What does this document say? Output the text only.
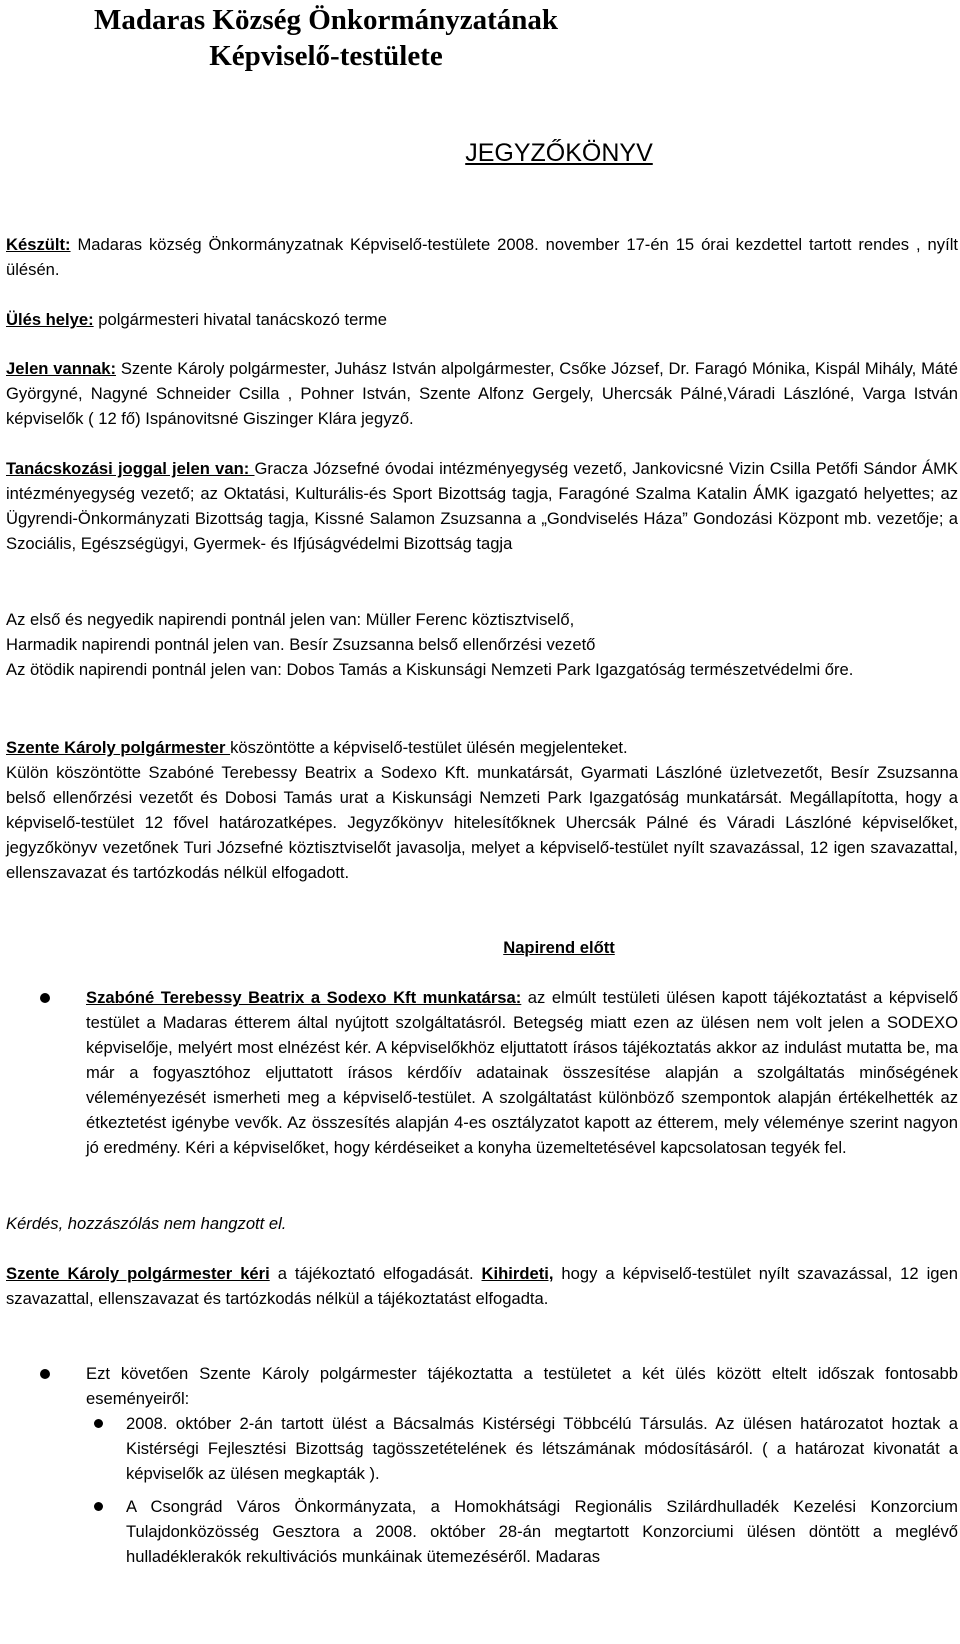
Madaras Község Önkormányzatának
Képviselő-testülete
JEGYZŐKÖNYV
Készült: Madaras község Önkormányzatnak Képviselő-testülete 2008. november 17-én 15 órai kezdettel tartott rendes , nyílt ülésén.
Ülés helye: polgármesteri hivatal tanácskozó terme
Jelen vannak: Szente Károly polgármester, Juhász István alpolgármester, Csőke József, Dr. Faragó Mónika, Kispál Mihály, Máté Györgyné, Nagyné Schneider Csilla , Pohner István, Szente Alfonz Gergely, Uhercsák Pálné,Váradi Lászlóné, Varga István képviselők ( 12 fő) Ispánovitsné Giszinger Klára jegyző.
Tanácskozási joggal jelen van: Gracza Józsefné óvodai intézményegység vezető, Jankovicsné Vizin Csilla Petőfi Sándor ÁMK intézményegység vezető; az Oktatási, Kulturális-és Sport Bizottság tagja, Faragóné Szalma Katalin ÁMK igazgató helyettes; az Ügyrendi-Önkormányzati Bizottság tagja, Kissné Salamon Zsuzsanna a „Gondviselés Háza” Gondozási Központ mb. vezetője; a Szociális, Egészségügyi, Gyermek- és Ifjúságvédelmi Bizottság tagja

Az első és negyedik napirendi pontnál jelen van: Müller Ferenc köztisztviselő,

Harmadik napirendi pontnál jelen van. Besír Zsuzsanna belső ellenőrzési vezető

Az ötödik napirendi pontnál jelen van: Dobos Tamás a Kiskunsági Nemzeti Park Igazgatóság természetvédelmi őre.

Szente Károly polgármester köszöntötte a képviselő-testület ülésén megjelenteket.

Külön köszöntötte Szabóné Terebessy Beatrix a Sodexo Kft. munkatársát, Gyarmati Lászlóné üzletvezetőt, Besír Zsuzsanna belső ellenőrzési vezetőt és Dobosi Tamás urat a Kiskunsági Nemzeti Park Igazgatóság munkatársát. Megállapította, hogy a képviselő-testület 12 fővel határozatképes. Jegyzőkönyv hitelesítőknek Uhercsák Pálné és Váradi Lászlóné képviselőket, jegyzőkönyv vezetőnek Turi Józsefné köztisztviselőt javasolja, melyet a képviselő-testület nyílt szavazással, 12 igen szavazattal, ellenszavazat és tartózkodás nélkül elfogadott.

Napirend előtt
Szabóné Terebessy Beatrix a Sodexo Kft munkatársa: az elmúlt testületi ülésen kapott tájékoztatást a képviselő testület a Madaras étterem által nyújtott szolgáltatásról. Betegség miatt ezen az ülésen nem volt jelen a SODEXO képviselője, melyért most elnézést kér. A képviselőkhöz eljuttatott írásos tájékoztatás akkor az indulást mutatta be, ma már a fogyasztóhoz eljuttatott írásos kérdőív adatainak összesítése alapján a szolgáltatás minőségének véleményezését ismerheti meg a képviselő-testület. A szolgáltatást különböző szempontok alapján értékelhették az étkeztetést igénybe vevők. Az összesítés alapján 4-es osztályzatot kapott az étterem, mely véleménye szerint nagyon jó eredmény. Kéri a képviselőket, hogy kérdéseiket a konyha üzemeltetésével kapcsolatosan tegyék fel.
Kérdés, hozzászólás nem hangzott el.
Szente Károly polgármester kéri a tájékoztató elfogadását. Kihirdeti, hogy a képviselő-testület nyílt szavazással, 12 igen szavazattal, ellenszavazat és tartózkodás nélkül a tájékoztatást elfogadta.
Ezt követően Szente Károly polgármester tájékoztatta a testületet a két ülés között eltelt időszak fontosabb eseményeiről:
2008. október 2-án tartott ülést a Bácsalmás Kistérségi Többcélú Társulás. Az ülésen határozatot hoztak a Kistérségi Fejlesztési Bizottság tagösszetételének és létszámának módosításáról. ( a határozat kivonatát a képviselők az ülésen megkapták ).
A Csongrád Város Önkormányzata, a Homokhátsági Regionális Szilárdhulladék Kezelési Konzorcium Tulajdonközösség Gesztora a 2008. október 28-án megtartott Konzorciumi ülésen döntött a meglévő hulladéklerakók rekultivációs munkáinak ütemezéséről. Madaras
